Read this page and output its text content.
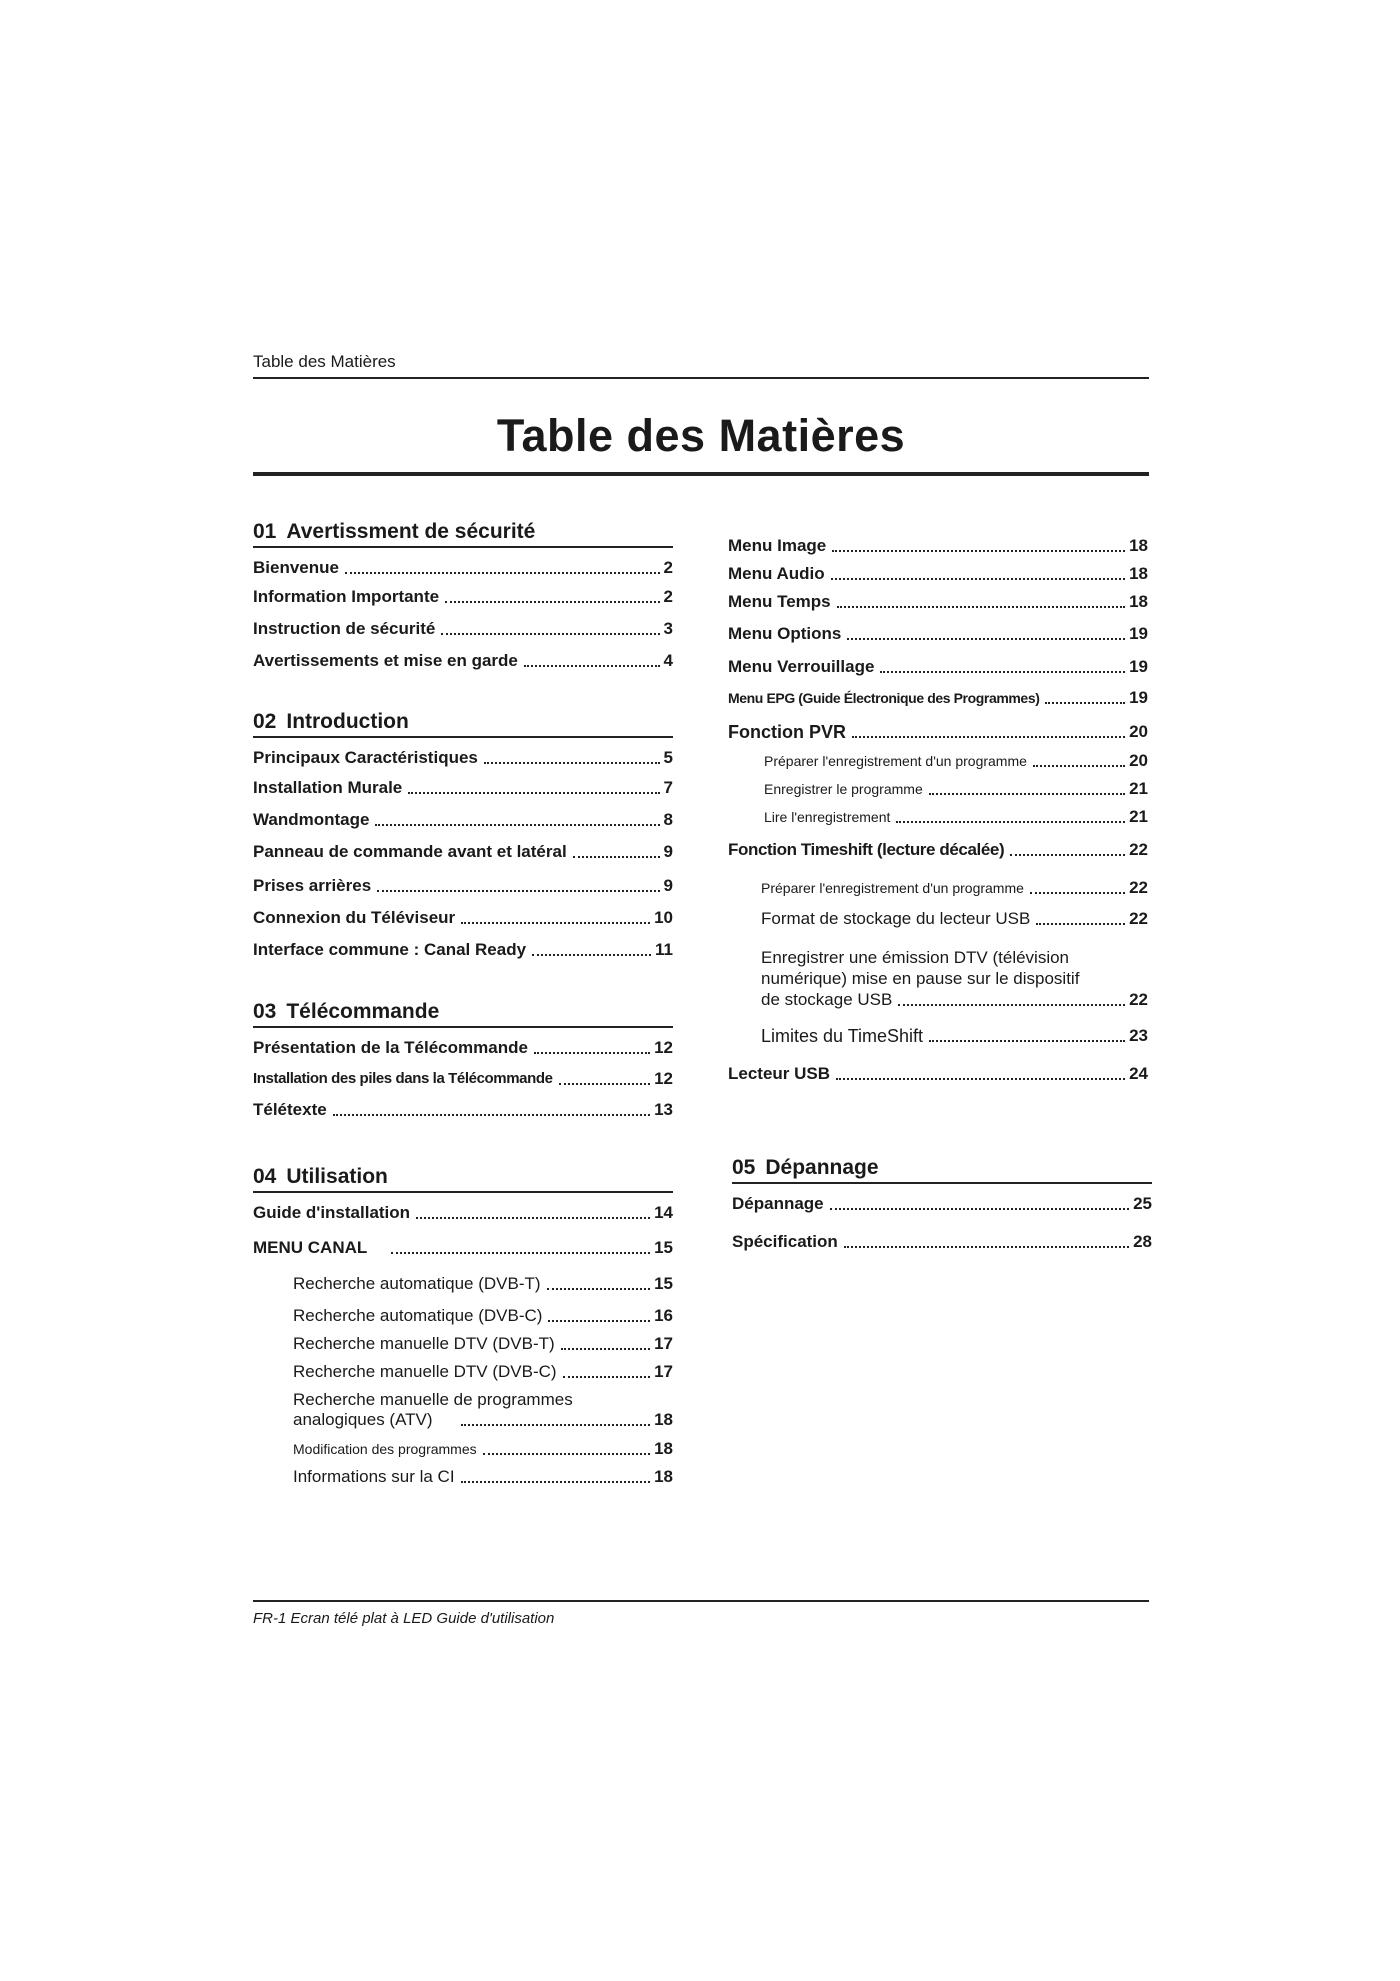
Table des Matières
Table des Matières
01 Avertissment de sécurité
Bienvenue	2
Information Importante	2
Instruction de sécurité	3
Avertissements et mise en garde	4
02 Introduction
Principaux Caractéristiques	5
Installation Murale	7
Wandmontage	8
Panneau de commande avant et latéral	9
Prises arrières	9
Connexion du Téléviseur	10
Interface commune : Canal Ready	11
03 Télécommande
Présentation de la Télécommande	12
Installation des piles dans la Télécommande	12
Télétexte	13
04 Utilisation
Guide d'installation	14
MENU CANAL	15
Recherche automatique (DVB-T)	15
Recherche automatique (DVB-C)	16
Recherche manuelle DTV (DVB-T)	17
Recherche manuelle DTV (DVB-C)	17
Recherche manuelle de programmes
analogiques (ATV)	18
Modification des programmes	18
Informations sur la CI	18
Menu Image	18
Menu Audio	18
Menu Temps	18
Menu Options	19
Menu Verrouillage	19
Menu EPG (Guide Électronique des Programmes)	19
Fonction PVR	20
Préparer l'enregistrement d'un programme	20
Enregistrer le programme	21
Lire l'enregistrement	21
Fonction Timeshift (lecture décalée)	22
Préparer l'enregistrement d'un programme	22
Format de stockage du lecteur USB	22
Enregistrer une émission DTV (télévision
numérique) mise en pause sur le dispositif
de stockage USB	22
Limites du TimeShift	23
Lecteur USB	24
05 Dépannage
Dépannage	25
Spécification	28
FR-1 Ecran télé plat à LED Guide d'utilisation
